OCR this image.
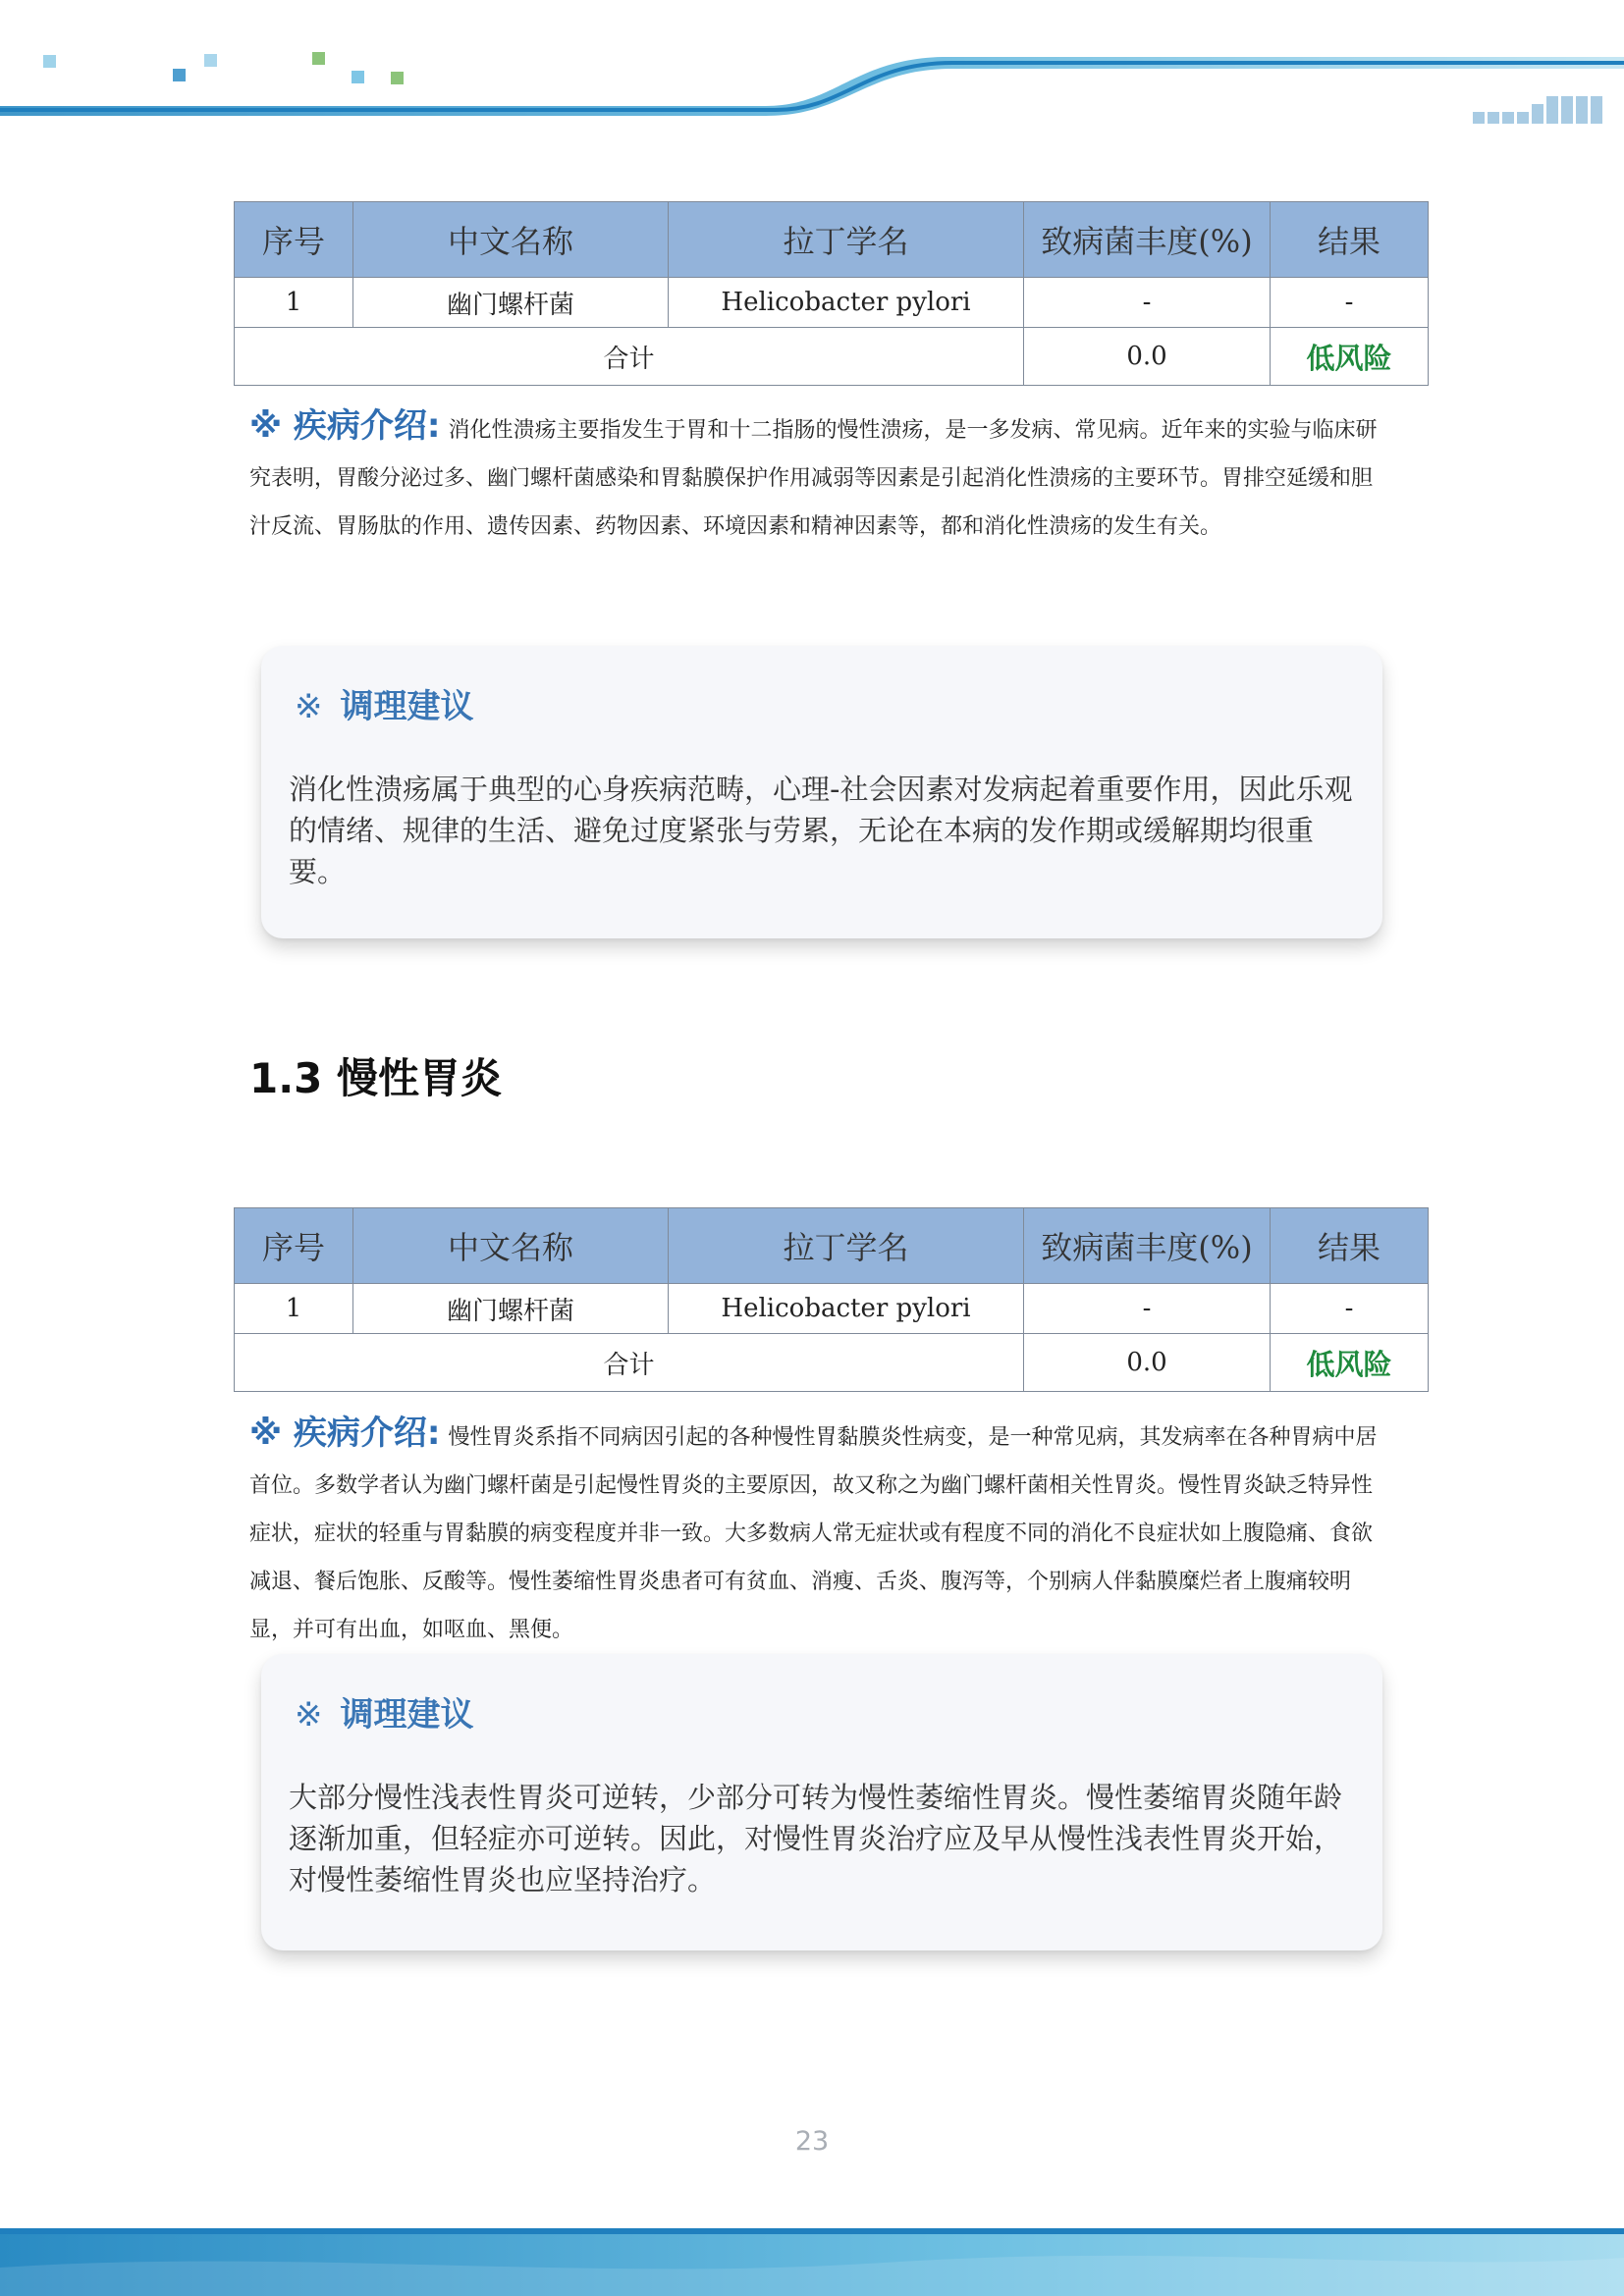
序号	中文名称	拉丁学名	致病菌丰度(%)	结果
1	幽门螺杆菌	Helicobacter pylori	-	-
合计			0.0	低风险
※ 疾病介绍: 消化性溃疡主要指发生于胃和十二指肠的慢性溃疡，是一多发病、常见病。近年来的实验与临床研究表明，胃酸分泌过多、幽门螺杆菌感染和胃黏膜保护作用减弱等因素是引起消化性溃疡的主要环节。胃排空延缓和胆汁反流、胃肠肽的作用、遗传因素、药物因素、环境因素和精神因素等，都和消化性溃疡的发生有关。
※ 调理建议

消化性溃疡属于典型的心身疾病范畴，心理-社会因素对发病起着重要作用，因此乐观的情绪、规律的生活、避免过度紧张与劳累，无论在本病的发作期或缓解期均很重要。

1.3 慢性胃炎
序号	中文名称	拉丁学名	致病菌丰度(%)	结果
1	幽门螺杆菌	Helicobacter pylori	-	-
合计			0.0	低风险
※ 疾病介绍: 慢性胃炎系指不同病因引起的各种慢性胃黏膜炎性病变，是一种常见病，其发病率在各种胃病中居首位。多数学者认为幽门螺杆菌是引起慢性胃炎的主要原因，故又称之为幽门螺杆菌相关性胃炎。慢性胃炎缺乏特异性症状，症状的轻重与胃黏膜的病变程度并非一致。大多数病人常无症状或有程度不同的消化不良症状如上腹隐痛、食欲减退、餐后饱胀、反酸等。慢性萎缩性胃炎患者可有贫血、消瘦、舌炎、腹泻等，个别病人伴黏膜糜烂者上腹痛较明显，并可有出血，如呕血、黑便。
※ 调理建议

大部分慢性浅表性胃炎可逆转，少部分可转为慢性萎缩性胃炎。慢性萎缩胃炎随年龄逐渐加重，但轻症亦可逆转。因此，对慢性胃炎治疗应及早从慢性浅表性胃炎开始，对慢性萎缩性胃炎也应坚持治疗。

23
